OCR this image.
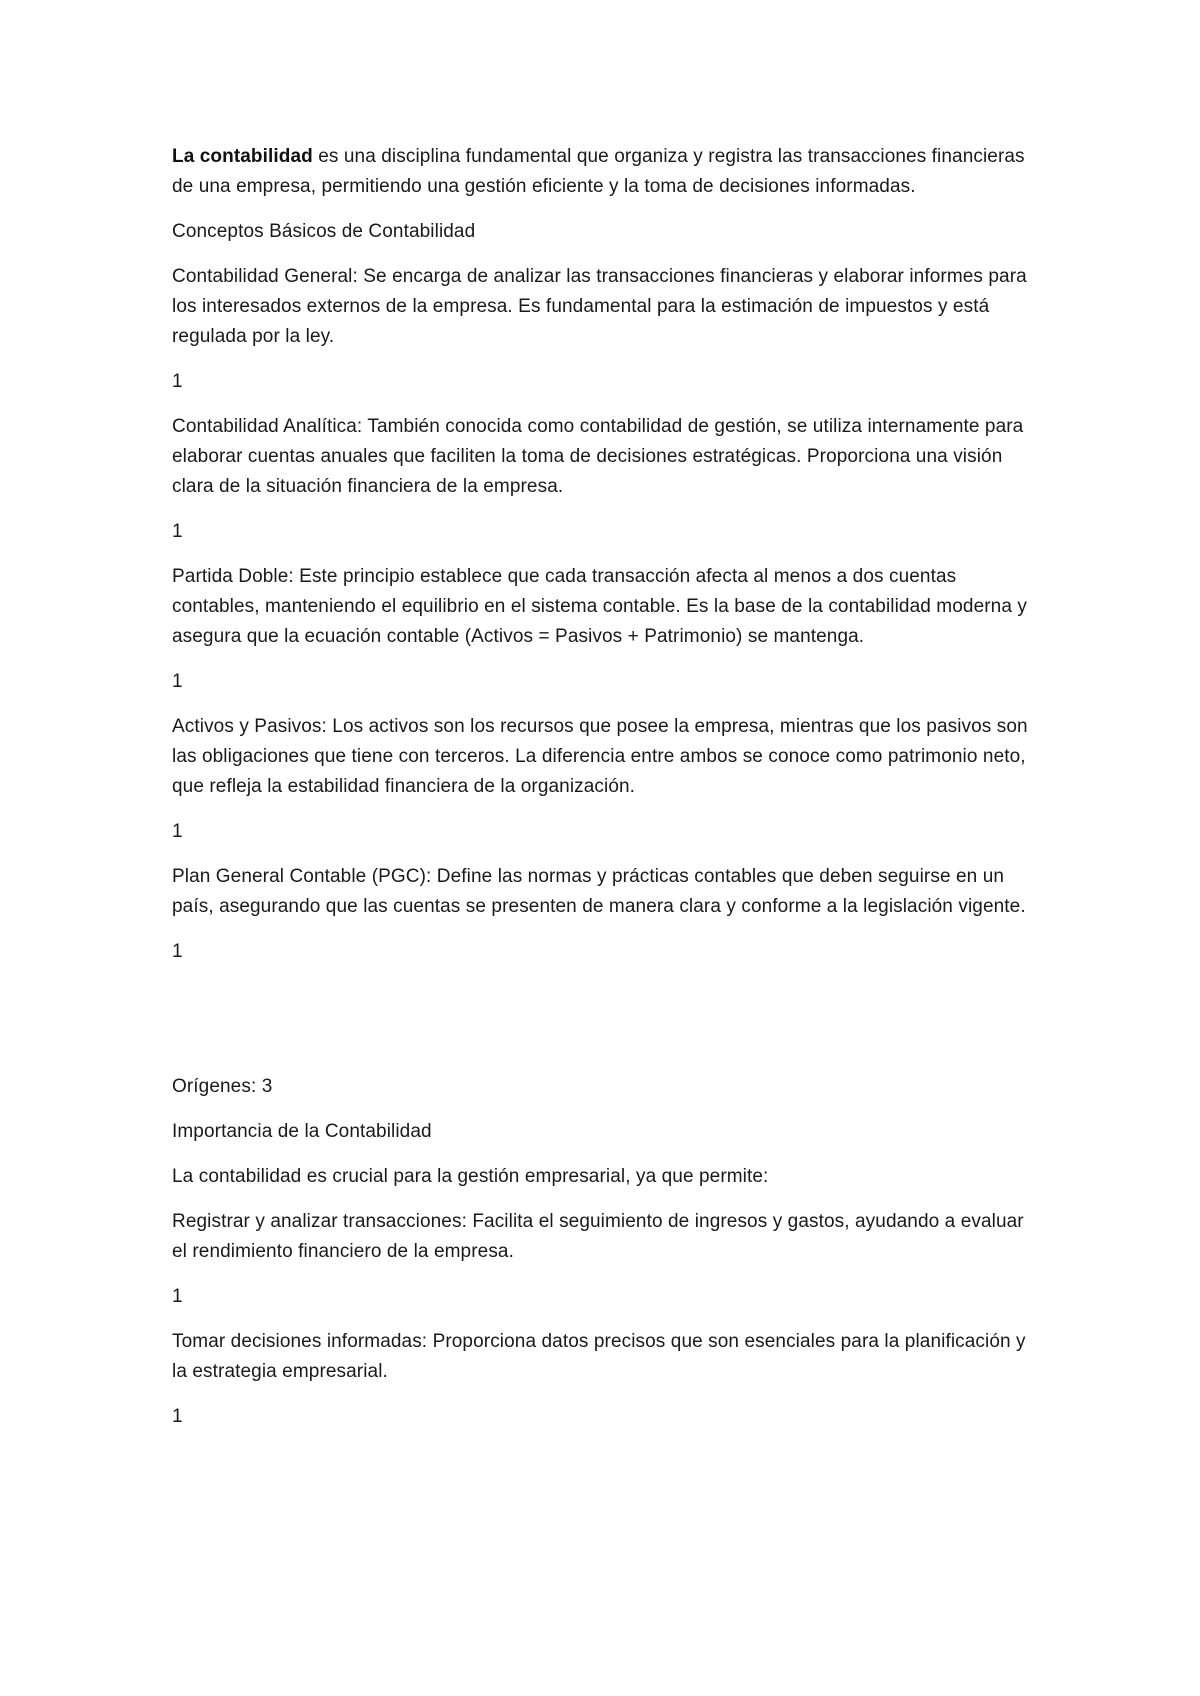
La contabilidad es una disciplina fundamental que organiza y registra las transacciones financieras de una empresa, permitiendo una gestión eficiente y la toma de decisiones informadas.

Conceptos Básicos de Contabilidad

Contabilidad General: Se encarga de analizar las transacciones financieras y elaborar informes para los interesados externos de la empresa. Es fundamental para la estimación de impuestos y está regulada por la ley.

1

Contabilidad Analítica: También conocida como contabilidad de gestión, se utiliza internamente para elaborar cuentas anuales que faciliten la toma de decisiones estratégicas. Proporciona una visión clara de la situación financiera de la empresa.

1

Partida Doble: Este principio establece que cada transacción afecta al menos a dos cuentas contables, manteniendo el equilibrio en el sistema contable. Es la base de la contabilidad moderna y asegura que la ecuación contable (Activos = Pasivos + Patrimonio) se mantenga.

1

Activos y Pasivos: Los activos son los recursos que posee la empresa, mientras que los pasivos son las obligaciones que tiene con terceros. La diferencia entre ambos se conoce como patrimonio neto, que refleja la estabilidad financiera de la organización.

1

Plan General Contable (PGC): Define las normas y prácticas contables que deben seguirse en un país, asegurando que las cuentas se presenten de manera clara y conforme a la legislación vigente.

1

Orígenes: 3

Importancia de la Contabilidad

La contabilidad es crucial para la gestión empresarial, ya que permite:

Registrar y analizar transacciones: Facilita el seguimiento de ingresos y gastos, ayudando a evaluar el rendimiento financiero de la empresa.

1

Tomar decisiones informadas: Proporciona datos precisos que son esenciales para la planificación y la estrategia empresarial.

1
